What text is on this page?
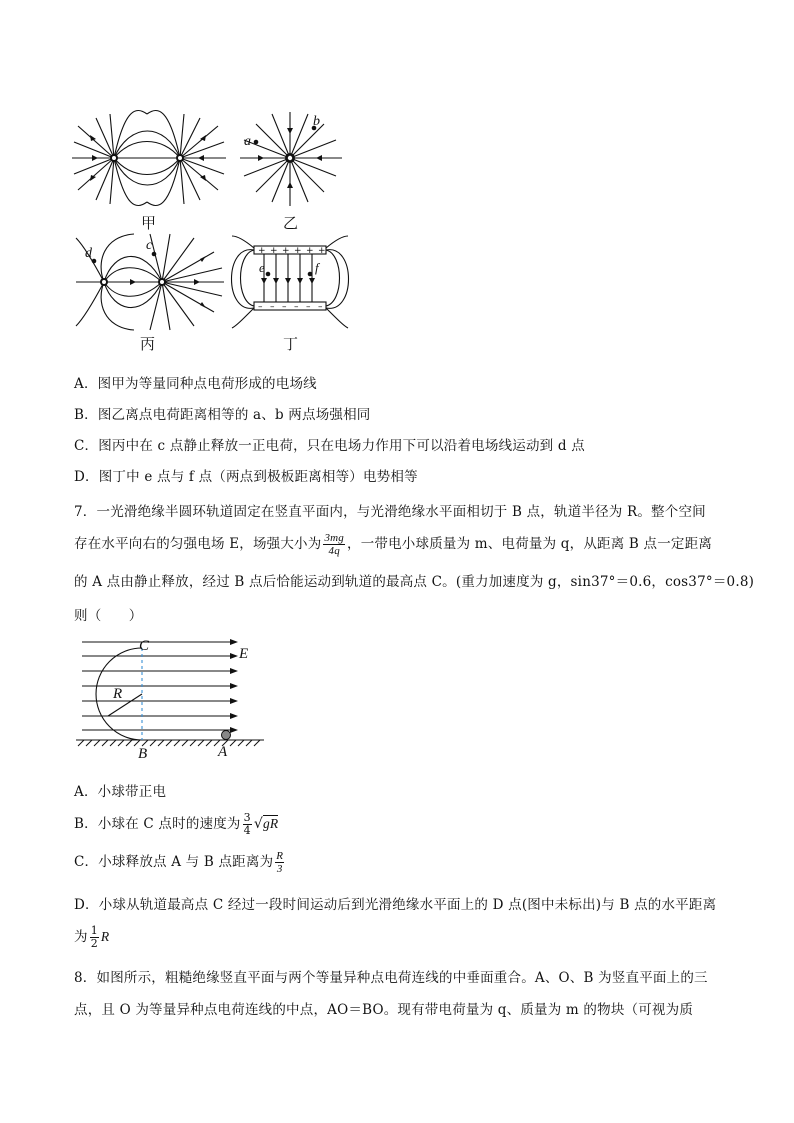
甲
a
b
乙
d
c
丙
+ + + + + +
– – – – – –
e	f
丁
A．图甲为等量同种点电荷形成的电场线
B．图乙离点电荷距离相等的 a、b 两点场强相同
C．图丙中在 c 点静止释放一正电荷，只在电场力作用下可以沿着电场线运动到 d 点
D．图丁中 e 点与 f 点（两点到极板距离相等）电势相等
7．一光滑绝缘半圆环轨道固定在竖直平面内，与光滑绝缘水平面相切于 B 点，轨道半径为 R。整个空间
存在水平向右的匀强电场 E，场强大小为 $\frac{3mg}{4q}$ ，一带电小球质量为 m、电荷量为 q，从距离 B 点一定距离
的 A 点由静止释放，经过 B 点后恰能运动到轨道的最高点 C。(重力加速度为 g，sin37°＝0.6，cos37°＝0.8)
则（　　）
C	E
R
B	A
A．小球带正电
B．小球在 C 点时的速度为 $\frac{3}{4} √gR$
C．小球释放点 A 与 B 点距离为 $\frac{R}{3}$
D．小球从轨道最高点 C 经过一段时间运动后到光滑绝缘水平面上的 D 点(图中未标出)与 B 点的水平距离
为 $\frac{1}{2}$ R
8．如图所示，粗糙绝缘竖直平面与两个等量异种点电荷连线的中垂面重合。A、O、B 为竖直平面上的三
点，且 O 为等量异种点电荷连线的中点，AO＝BO。现有带电荷量为 q、质量为 m 的物块（可视为质
